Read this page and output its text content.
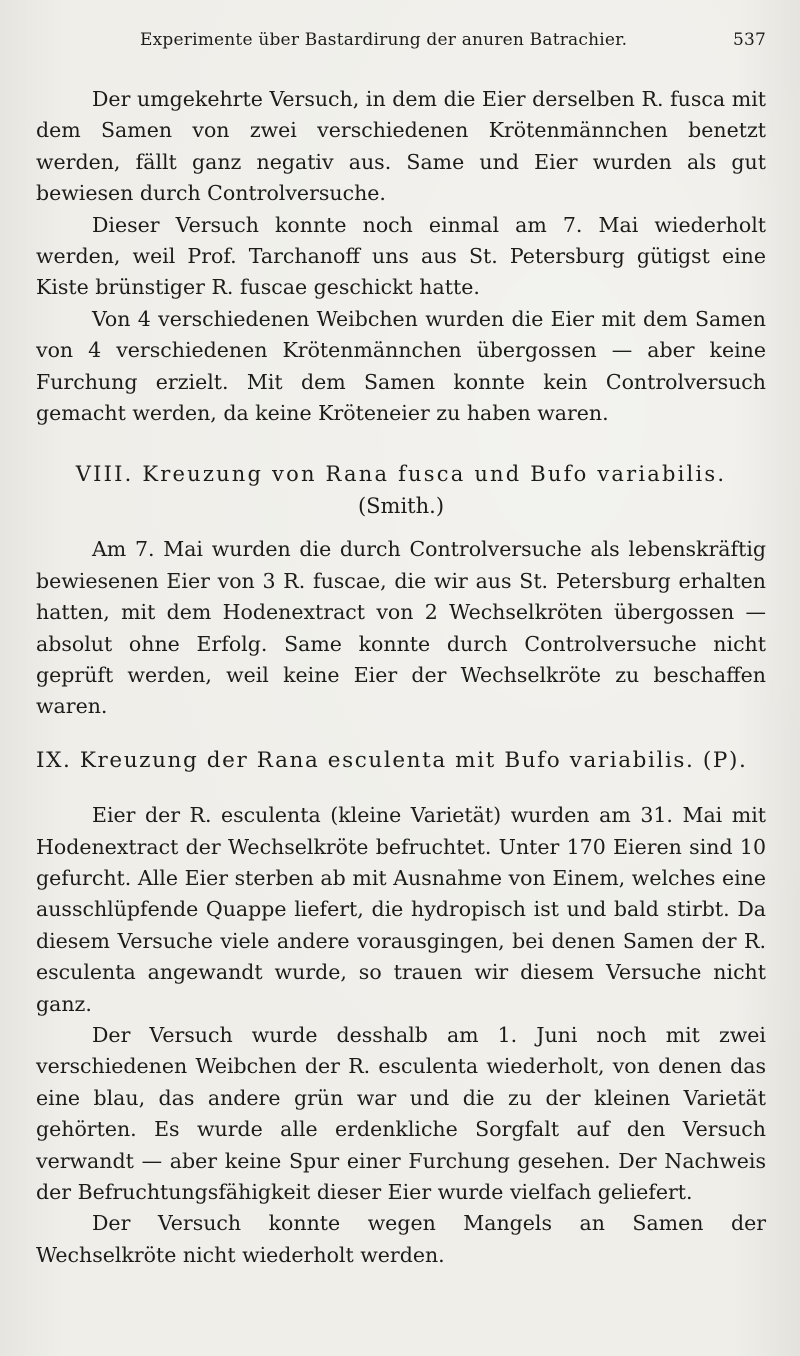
Experimente über Bastardirung der anuren Batrachier.	537

Der umgekehrte Versuch, in dem die Eier derselben R. fusca mit dem Samen von zwei verschiedenen Krötenmännchen benetzt werden, fällt ganz negativ aus. Same und Eier wurden als gut bewiesen durch Controlversuche.

Dieser Versuch konnte noch einmal am 7. Mai wiederholt werden, weil Prof. Tarchanoff uns aus St. Petersburg gütigst eine Kiste brünstiger R. fuscae geschickt hatte.

Von 4 verschiedenen Weibchen wurden die Eier mit dem Samen von 4 verschiedenen Krötenmännchen übergossen — aber keine Furchung erzielt. Mit dem Samen konnte kein Controlversuch gemacht werden, da keine Kröteneier zu haben waren.

VIII. Kreuzung von Rana fusca und Bufo variabilis.
(Smith.)

Am 7. Mai wurden die durch Controlversuche als lebenskräftig bewiesenen Eier von 3 R. fuscae, die wir aus St. Petersburg erhalten hatten, mit dem Hodenextract von 2 Wechselkröten übergossen — absolut ohne Erfolg. Same konnte durch Controlversuche nicht geprüft werden, weil keine Eier der Wechselkröte zu beschaffen waren.

IX. Kreuzung der Rana esculenta mit Bufo variabilis. (P).

Eier der R. esculenta (kleine Varietät) wurden am 31. Mai mit Hodenextract der Wechselkröte befruchtet. Unter 170 Eieren sind 10 gefurcht. Alle Eier sterben ab mit Ausnahme von Einem, welches eine ausschlüpfende Quappe liefert, die hydropisch ist und bald stirbt. Da diesem Versuche viele andere vorausgingen, bei denen Samen der R. esculenta angewandt wurde, so trauen wir diesem Versuche nicht ganz.

Der Versuch wurde desshalb am 1. Juni noch mit zwei verschiedenen Weibchen der R. esculenta wiederholt, von denen das eine blau, das andere grün war und die zu der kleinen Varietät gehörten. Es wurde alle erdenkliche Sorgfalt auf den Versuch verwandt — aber keine Spur einer Furchung gesehen. Der Nachweis der Befruchtungsfähigkeit dieser Eier wurde vielfach geliefert.

Der Versuch konnte wegen Mangels an Samen der Wechselkröte nicht wiederholt werden.
